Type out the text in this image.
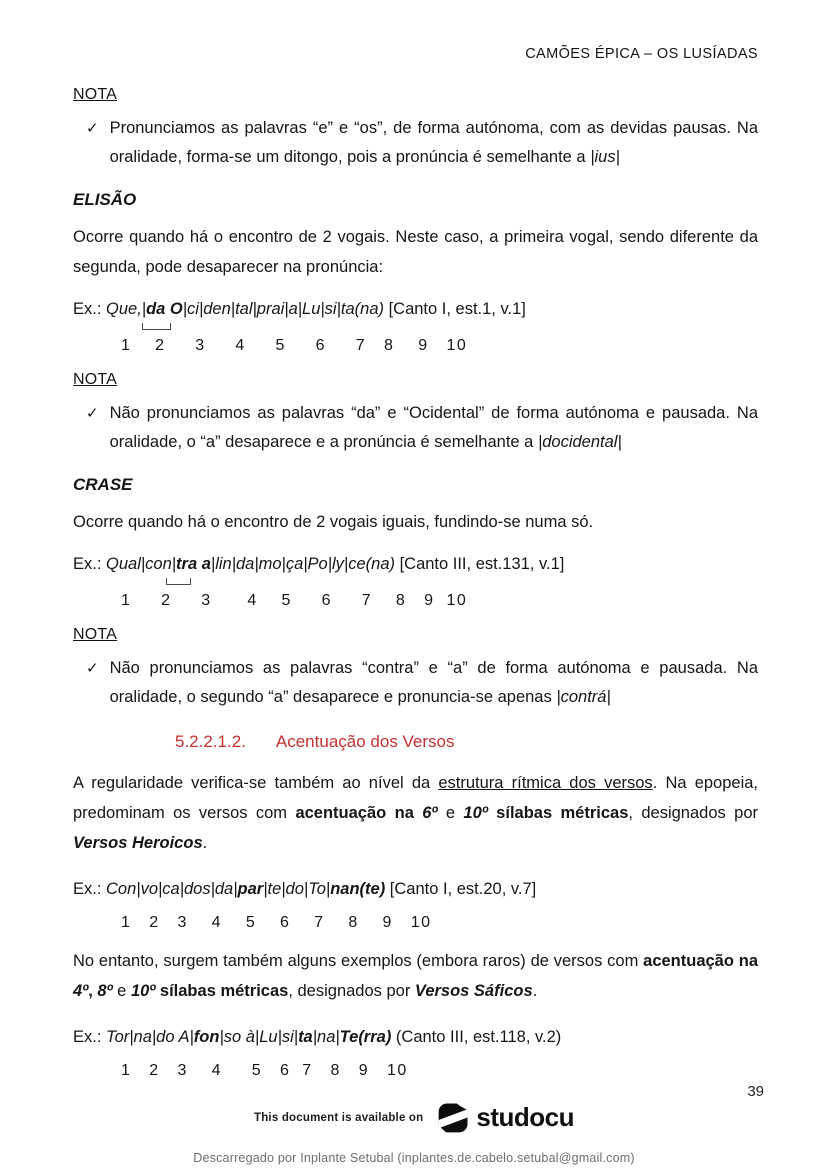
CAMÕES ÉPICA – OS LUSÍADAS
NOTA
✓ Pronunciamos as palavras “e” e “os”, de forma autónoma, com as devidas pausas. Na oralidade, forma-se um ditongo, pois a pronúncia é semelhante a |ius|
ELISÃO
Ocorre quando há o encontro de 2 vogais. Neste caso, a primeira vogal, sendo diferente da segunda, pode desaparecer na pronúncia:
Ex.: Que,|da O|ci|den|tal|prai|a|Lu|si|ta(na) [Canto I, est.1, v.1]
1    2     3     4     5     6     7   8    9   10
NOTA
✓ Não pronunciamos as palavras “da” e “Ocidental” de forma autónoma e pausada. Na oralidade, o “a” desaparece e a pronúncia é semelhante a |docidental|
CRASE
Ocorre quando há o encontro de 2 vogais iguais, fundindo-se numa só.
Ex.: Qual|con|tra a|lin|da|mo|ça|Po|ly|ce(na) [Canto III, est.131, v.1]
1     2     3      4    5     6     7    8   9  10
NOTA
✓ Não pronunciamos as palavras “contra” e “a” de forma autónoma e pausada. Na oralidade, o segundo “a” desaparece e pronuncia-se apenas |contrá|
5.2.2.1.2. Acentuação dos Versos
A regularidade verifica-se também ao nível da estrutura rítmica dos versos. Na epopeia, predominam os versos com acentuação na 6º e 10º sílabas métricas, designados por Versos Heroicos.
Ex.: Con|vo|ca|dos|da|par|te|do|To|nan(te) [Canto I, est.20, v.7]
1   2   3    4    5    6    7    8    9   10
No entanto, surgem também alguns exemplos (embora raros) de versos com acentuação na 4º, 8º e 10º sílabas métricas, designados por Versos Sáficos.
Ex.: Tor|na|do A|fon|so à|Lu|si|ta|na|Te(rra) (Canto III, est.118, v.2)
1   2   3    4     5   6  7   8   9   10
39
This document is available on studocu
Descarregado por Inplante Setubal (inplantes.de.cabelo.setubal@gmail.com)
